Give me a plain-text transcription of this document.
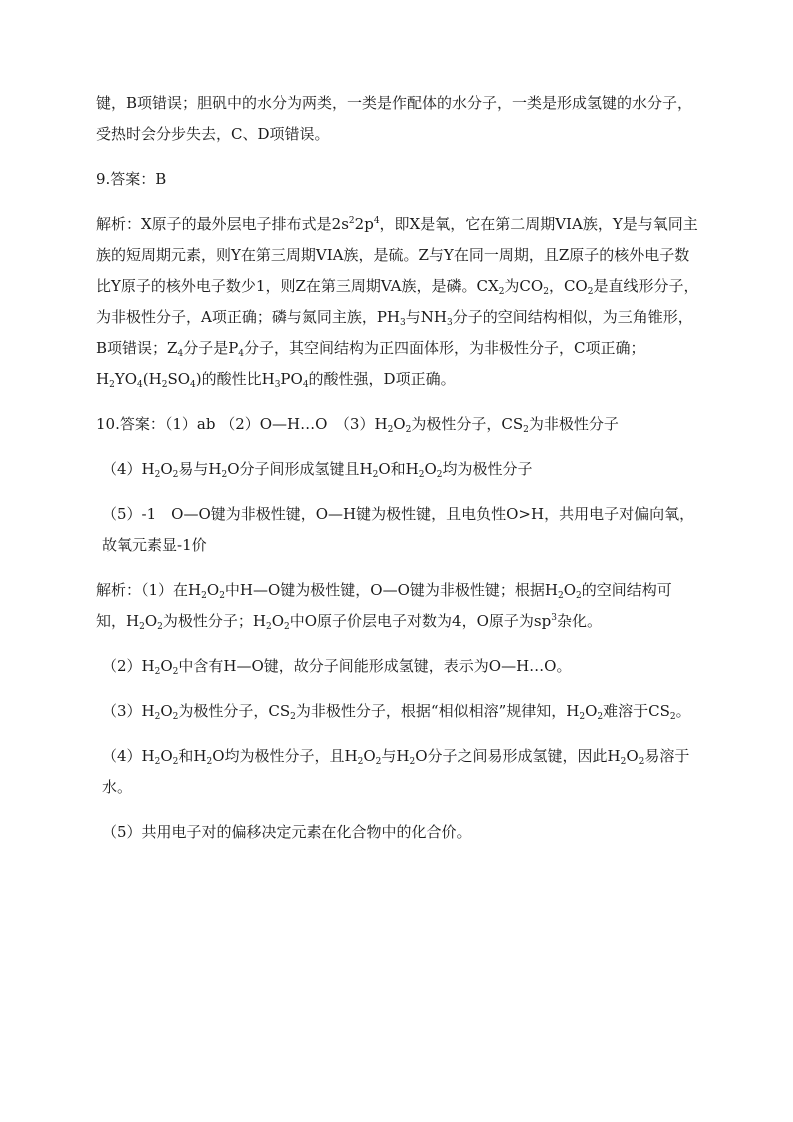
键，B项错误；胆矾中的水分为两类，一类是作配体的水分子，一类是形成氢键的水分子，受热时会分步失去，C、D项错误。

9.答案：B

解析：X原子的最外层电子排布式是$2s^22p^4$，即X是氧，它在第二周期VIA族，Y是与氧同主族的短周期元素，则Y在第三周期VIA族，是硫。Z与Y在同一周期，且Z原子的核外电子数比Y原子的核外电子数少1，则Z在第三周期VA族，是磷。$CX_2$为$CO_2$，$CO_2$是直线形分子，为非极性分子，A项正确；磷与氮同主族，$PH_3$与$NH_3$分子的空间结构相似，为三角锥形，B项错误；$Z_4$分子是$P_4$分子，其空间结构为正四面体形，为非极性分子，C项正确；$H_2YO_4(H_2SO_4)$的酸性比$H_3PO_4$的酸性强，D项正确。

10.答案：（1）ab （2）O—H…O　$(3)H_2O_2$为极性分子，$CS_2$为非极性分子

$(4)H_2O_2$易与$H_2O$分子间形成氢键且$H_2O$和$H_2O_2$均为极性分子

（5）-1　O—O键为非极性键，O—H键为极性键，且电负性O>H，共用电子对偏向氧，故氧元素显-1价

解析：（1）在$H_2O_2$中H—O键为极性键，O—O键为非极性键；根据$H_2O_2$的空间结构可知，$H_2O_2$为极性分子；$H_2O_2$中O原子价层电子对数为4，O原子为$sp^3$杂化。

$(2)H_2O_2$中含有H—O键，故分子间能形成氢键，表示为O—H…O。

$(3)H_2O_2$为极性分子，$CS_2$为非极性分子，根据“相似相溶”规律知，$H_2O_2$难溶于$CS_2$。

$(4)H_2O_2$和$H_2O$均为极性分子，且$H_2O_2$与$H_2O$分子之间易形成氢键，因此$H_2O_2$易溶于水。

（5）共用电子对的偏移决定元素在化合物中的化合价。
